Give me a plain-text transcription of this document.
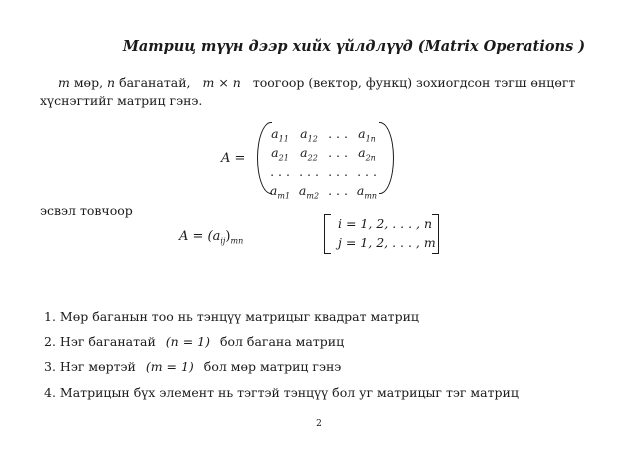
Матриц түүн дээр хийх үйлдлүүд (Matrix Operations )
m мөр, n баганатай, m × n тоогоор (вектор, функц) зохиогдсон тэгш өнцөгт
хүснэгтийг матриц гэнэ.
A =
$a_{11}$ $a_{12}$ . . . $a_{1n}$
$a_{21}$ $a_{22}$ . . . $a_{2n}$
. . . . . . . . . . . .
$a_{m1}$ $a_{m2}$ . . . $a_{mn}$
эсвэл товчоор
$A = (a_{ij})_{mn}$
i = 1, 2, . . . , n
j = 1, 2, . . . , m
1. Мөр баганын тоо нь тэнцүү матрицыг квадрат матриц
2. Нэг баганатай (n = 1) бол багана матриц
3. Нэг мөртэй (m = 1) бол мөр матриц гэнэ
4. Матрицын бүх элемент нь тэгтэй тэнцүү бол уг матрицыг тэг матриц
2
